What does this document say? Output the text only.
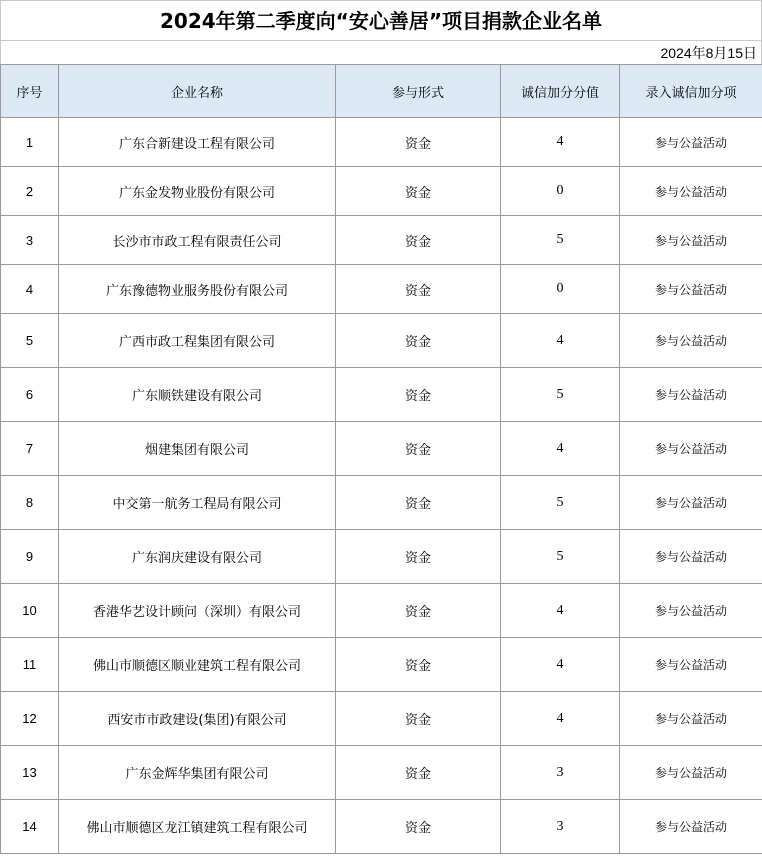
2024年第二季度向“安心善居”项目捐款企业名单
2024年8月15日
序号	企业名称	参与形式	诚信加分分值	录入诚信加分项
1	广东合新建设工程有限公司	资金	4	参与公益活动
2	广东金发物业股份有限公司	资金	0	参与公益活动
3	长沙市市政工程有限责任公司	资金	5	参与公益活动
4	广东豫德物业服务股份有限公司	资金	0	参与公益活动
5	广西市政工程集团有限公司	资金	4	参与公益活动
6	广东顺铁建设有限公司	资金	5	参与公益活动
7	烟建集团有限公司	资金	4	参与公益活动
8	中交第一航务工程局有限公司	资金	5	参与公益活动
9	广东润庆建设有限公司	资金	5	参与公益活动
10	香港华艺设计顾问（深圳）有限公司	资金	4	参与公益活动
11	佛山市顺德区顺业建筑工程有限公司	资金	4	参与公益活动
12	西安市市政建设(集团)有限公司	资金	4	参与公益活动
13	广东金辉华集团有限公司	资金	3	参与公益活动
14	佛山市顺德区龙江镇建筑工程有限公司	资金	3	参与公益活动
